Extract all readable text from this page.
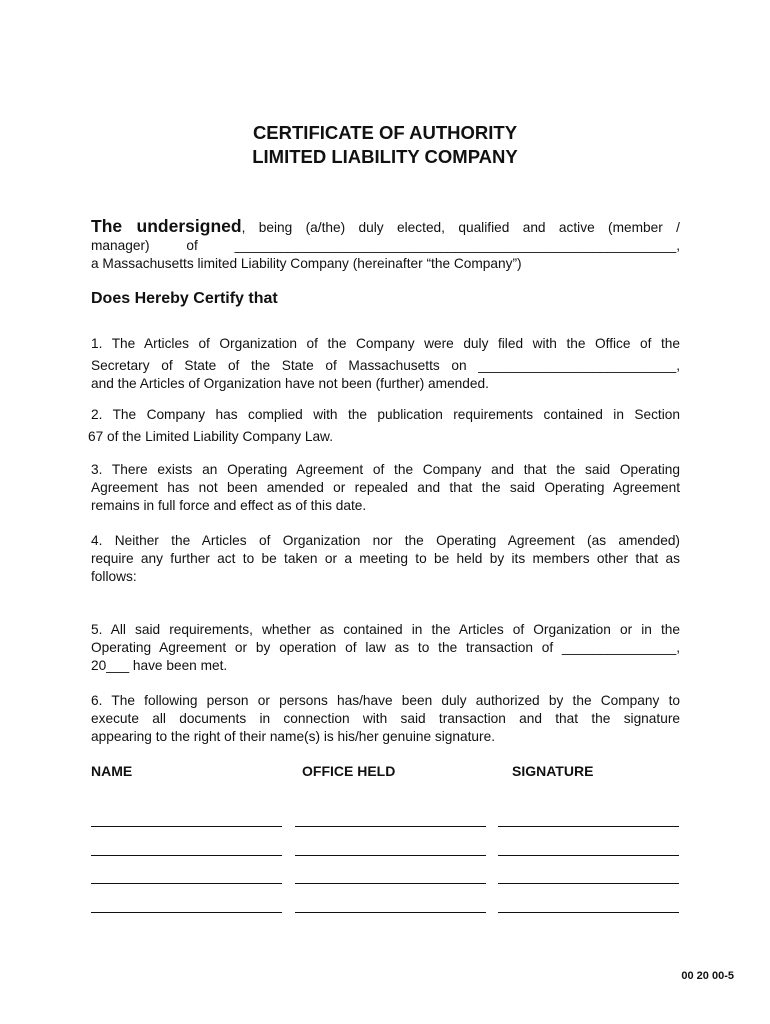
CERTIFICATE OF AUTHORITY
LIMITED LIABILITY COMPANY
The undersigned, being (a/the) duly elected, qualified and active (member /
manager) of __________________________________________________________,
a Massachusetts limited Liability Company (hereinafter “the Company”)
Does Hereby Certify that
1. The Articles of Organization of the Company were duly filed with the Office of the
Secretary of State of the State of Massachusetts on __________________________,
and the Articles of Organization have not been (further) amended.
2. The Company has complied with the publication requirements contained in Section
67 of the Limited Liability Company Law.
3. There exists an Operating Agreement of the Company and that the said Operating
Agreement has not been amended or repealed and that the said Operating Agreement
remains in full force and effect as of this date.
4. Neither the Articles of Organization nor the Operating Agreement (as amended)
require any further act to be taken or a meeting to be held by its members other that as
follows:
5. All said requirements, whether as contained in the Articles of Organization or in the
Operating Agreement or by operation of law as to the transaction of _______________,
20___ have been met.
6. The following person or persons has/have been duly authorized by the Company to
execute all documents in connection with said transaction and that the signature
appearing to the right of their name(s) is his/her genuine signature.
NAME	OFFICE HELD	SIGNATURE
00 20 00-5
